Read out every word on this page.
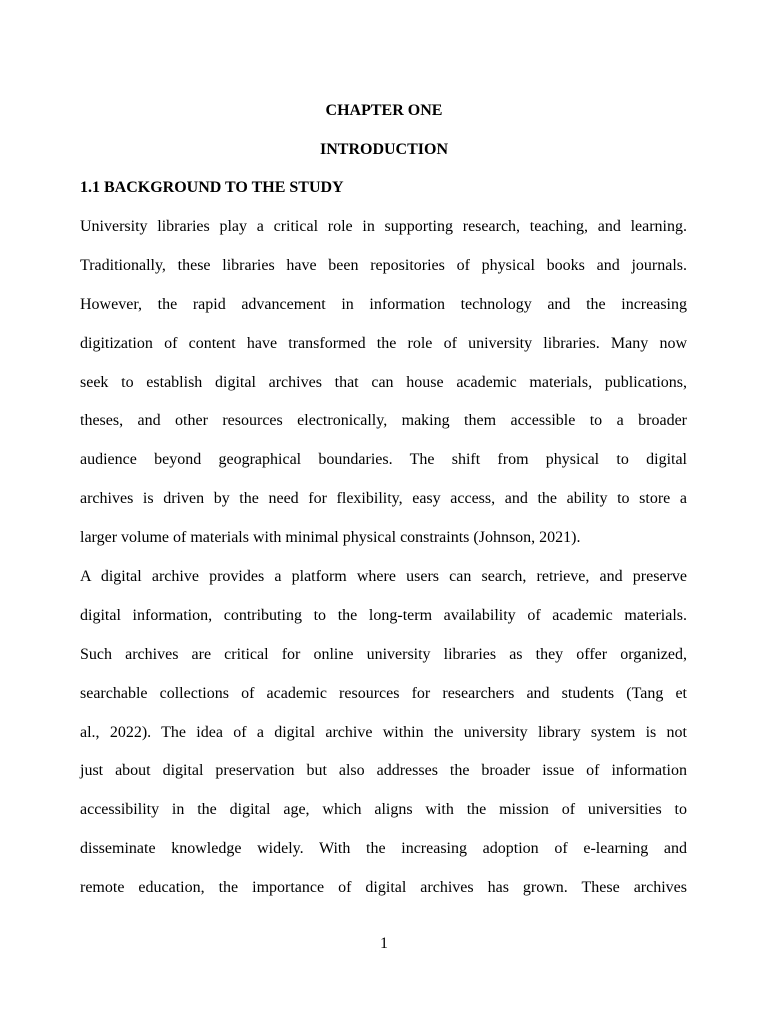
CHAPTER ONE
INTRODUCTION
1.1 BACKGROUND TO THE STUDY
University libraries play a critical role in supporting research, teaching, and learning.
Traditionally, these libraries have been repositories of physical books and journals.
However, the rapid advancement in information technology and the increasing
digitization of content have transformed the role of university libraries. Many now
seek to establish digital archives that can house academic materials, publications,
theses, and other resources electronically, making them accessible to a broader
audience beyond geographical boundaries. The shift from physical to digital
archives is driven by the need for flexibility, easy access, and the ability to store a
larger volume of materials with minimal physical constraints (Johnson, 2021).
A digital archive provides a platform where users can search, retrieve, and preserve
digital information, contributing to the long-term availability of academic materials.
Such archives are critical for online university libraries as they offer organized,
searchable collections of academic resources for researchers and students (Tang et
al., 2022). The idea of a digital archive within the university library system is not
just about digital preservation but also addresses the broader issue of information
accessibility in the digital age, which aligns with the mission of universities to
disseminate knowledge widely. With the increasing adoption of e-learning and
remote education, the importance of digital archives has grown. These archives
1
